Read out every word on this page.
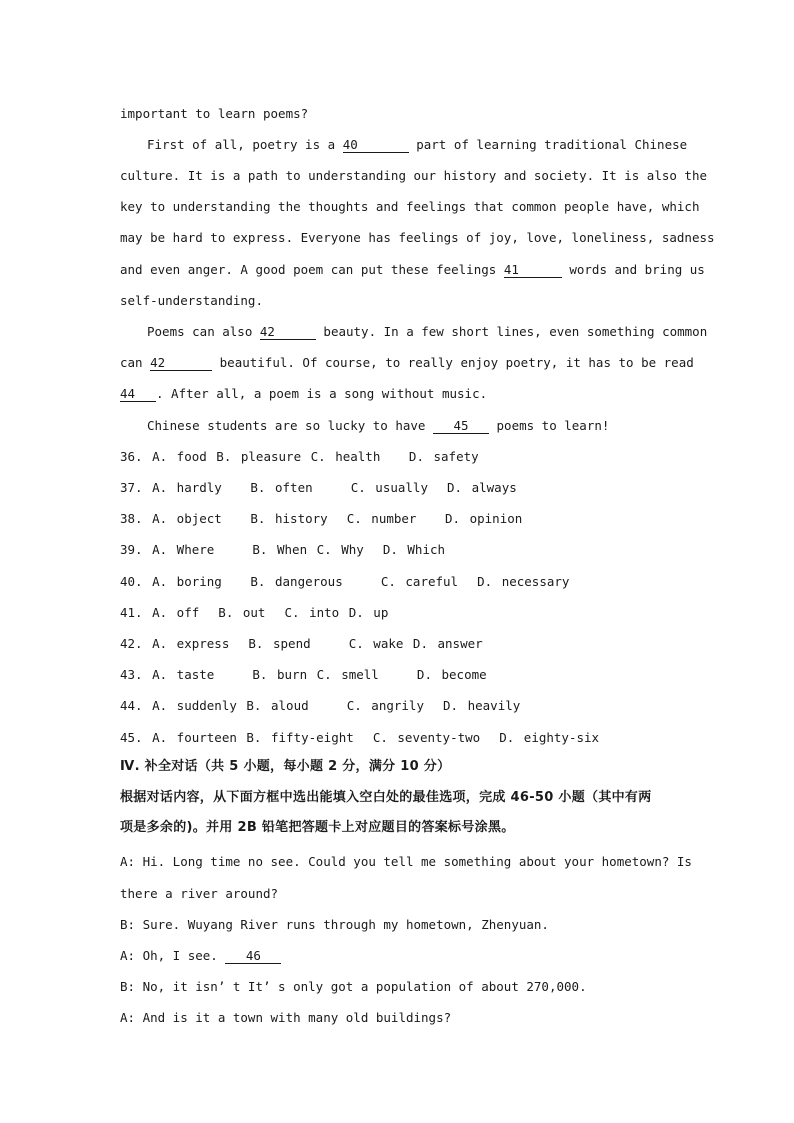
important to learn poems?
First of all, poetry is a 40	part of learning traditional Chinese
culture. It is a path to understanding our history and society. It is also the
key to understanding the thoughts and feelings that common people have, which
may be hard to express. Everyone has feelings of joy, love, loneliness, sadness
and even anger. A good poem can put these feelings 41	words and bring us
self-understanding.
Poems can also 42	beauty. In a few short lines, even something common
can 42	beautiful. Of course, to really enjoy poetry, it has to be read
44 . After all, a poem is a song without music.
Chinese students are so lucky to have 45 poems to learn!
36. A. food B. pleasure C. health   D. safety
37. A. hardly   B. often    C. usually  D. always
38. A. object   B. history  C. number   D. opinion
39. A. Where    B. When C. Why  D. Which
40. A. boring   B. dangerous    C. careful  D. necessary
41. A. off  B. out  C. into D. up
42. A. express  B. spend    C. wake D. answer
43. A. taste    B. burn C. smell    D. become
44. A. suddenly B. aloud    C. angrily  D. heavily
45. A. fourteen B. fifty-eight  C. seventy-two  D. eighty-six
Ⅳ. 补全对话（共 5 小题，每小题 2 分，满分 10 分）
根据对话内容，从下面方框中选出能填入空白处的最佳选项，完成 46-50 小题（其中有两
项是多余的)。并用 2B 铅笔把答题卡上对应题目的答案标号涂黑。
A: Hi. Long time no see. Could you tell me something about your hometown? Is
there a river around?
B: Sure. Wuyang River runs through my hometown, Zhenyuan.
A: Oh, I see. 46
B: No, it isn’ t It’ s only got a population of about 270,000.
A: And is it a town with many old buildings?
